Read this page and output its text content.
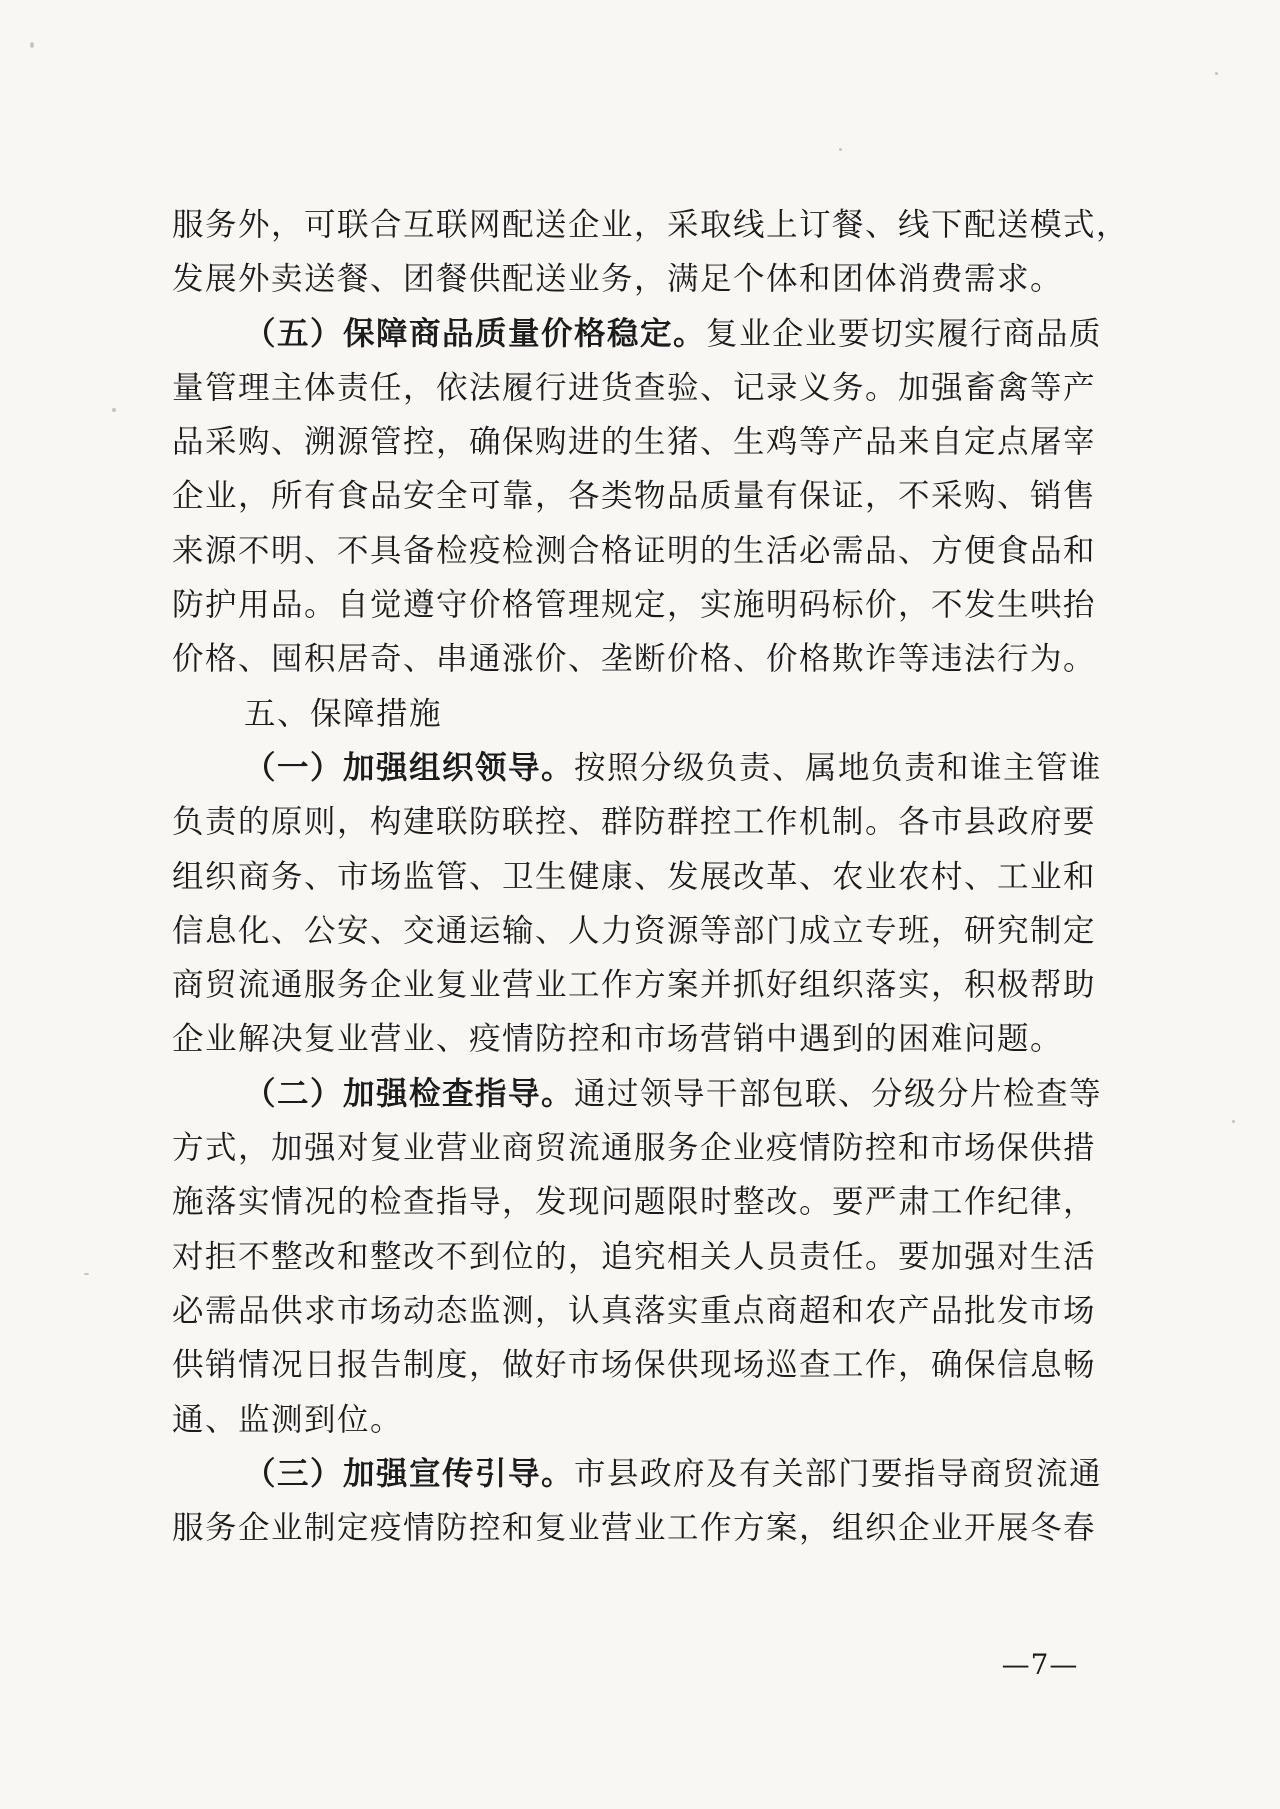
服务外，可联合互联网配送企业，采取线上订餐、线下配送模式，
发展外卖送餐、团餐供配送业务，满足个体和团体消费需求。
（五）保障商品质量价格稳定。复业企业要切实履行商品质
量管理主体责任，依法履行进货查验、记录义务。加强畜禽等产
品采购、溯源管控，确保购进的生猪、生鸡等产品来自定点屠宰
企业，所有食品安全可靠，各类物品质量有保证，不采购、销售
来源不明、不具备检疫检测合格证明的生活必需品、方便食品和
防护用品。自觉遵守价格管理规定，实施明码标价，不发生哄抬
价格、囤积居奇、串通涨价、垄断价格、价格欺诈等违法行为。
五、保障措施
（一）加强组织领导。按照分级负责、属地负责和谁主管谁
负责的原则，构建联防联控、群防群控工作机制。各市县政府要
组织商务、市场监管、卫生健康、发展改革、农业农村、工业和
信息化、公安、交通运输、人力资源等部门成立专班，研究制定
商贸流通服务企业复业营业工作方案并抓好组织落实，积极帮助
企业解决复业营业、疫情防控和市场营销中遇到的困难问题。
（二）加强检查指导。通过领导干部包联、分级分片检查等
方式，加强对复业营业商贸流通服务企业疫情防控和市场保供措
施落实情况的检查指导，发现问题限时整改。要严肃工作纪律，
对拒不整改和整改不到位的，追究相关人员责任。要加强对生活
必需品供求市场动态监测，认真落实重点商超和农产品批发市场
供销情况日报告制度，做好市场保供现场巡查工作，确保信息畅
通、监测到位。
（三）加强宣传引导。市县政府及有关部门要指导商贸流通
服务企业制定疫情防控和复业营业工作方案，组织企业开展冬春
—7—
